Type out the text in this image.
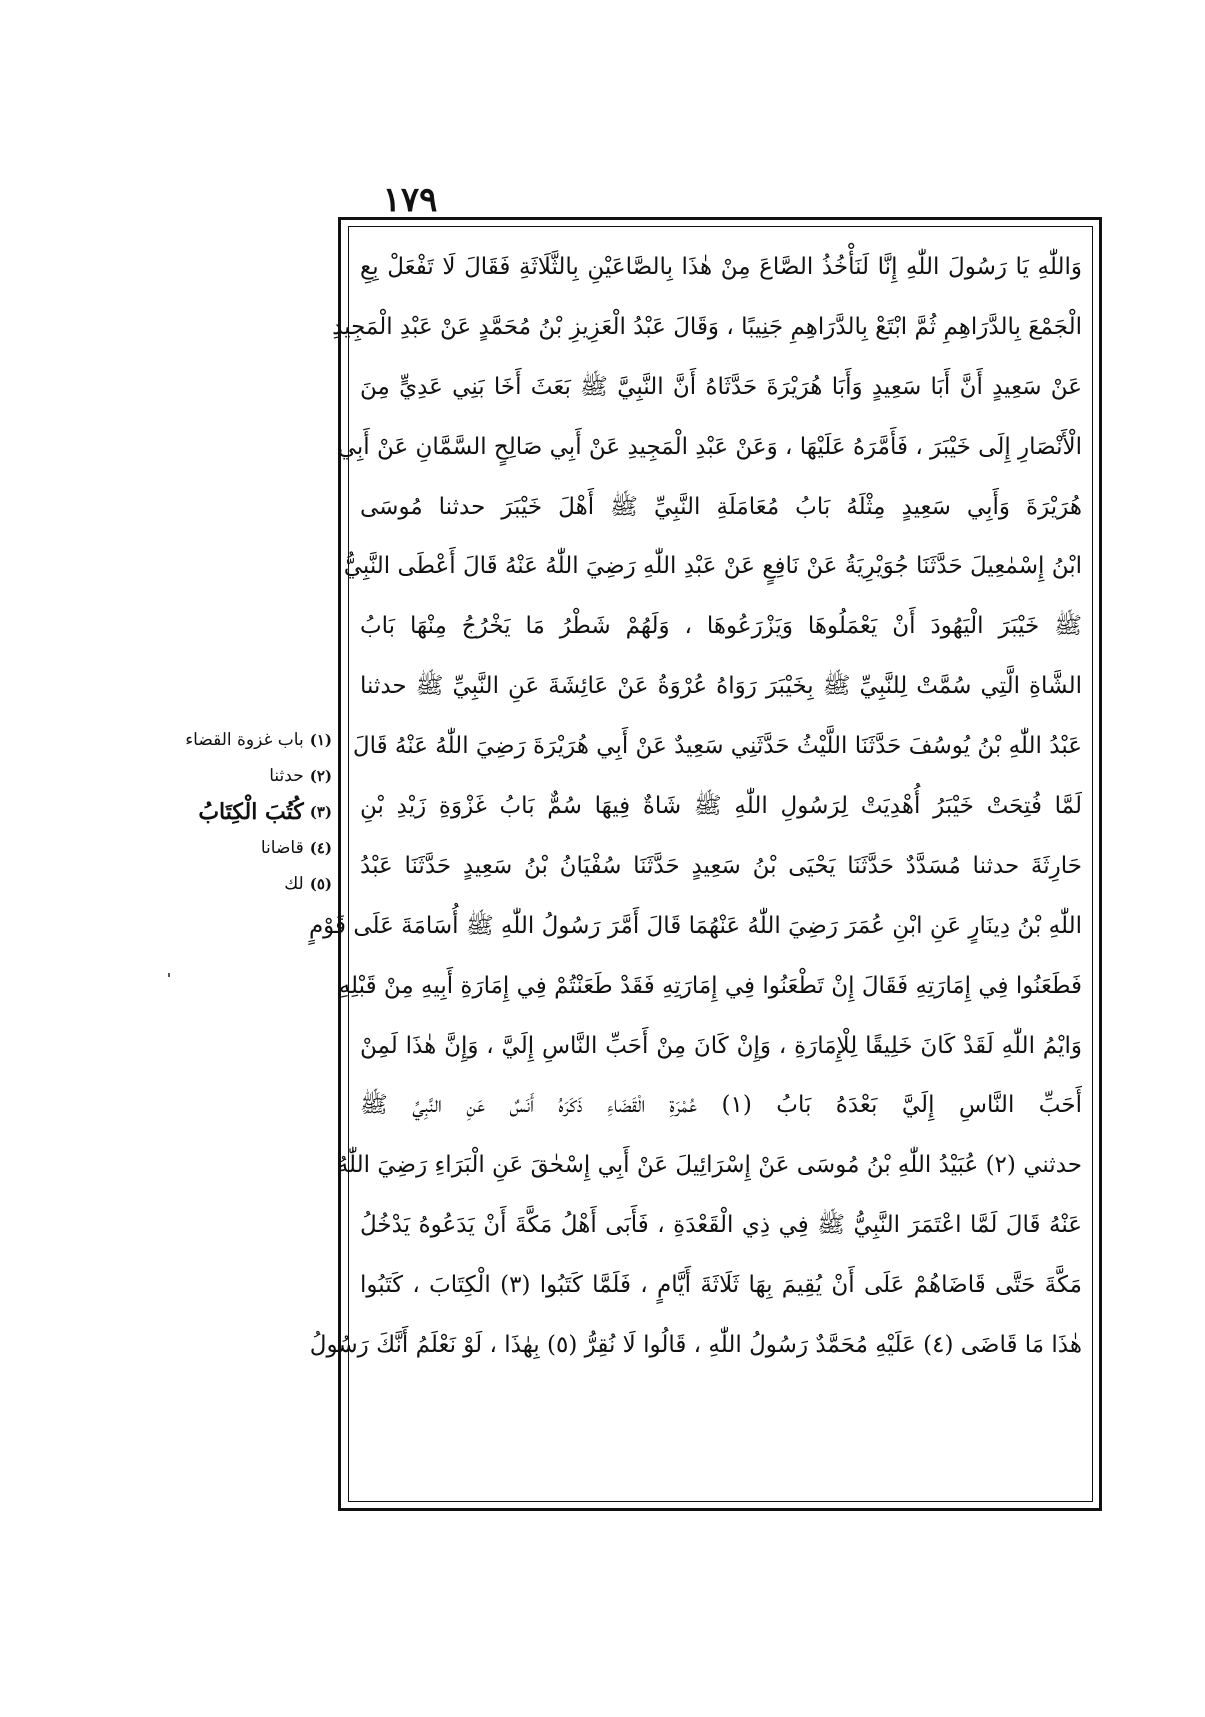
١٧٩
وَاللّٰهِ يَا رَسُولَ اللّٰهِ إِنَّا لَنَأْخُذُ الصَّاعَ مِنْ هٰذَا بِالصَّاعَيْنِ بِالثَّلَاثَةِ فَقَالَ لَا تَفْعَلْ بِعِ
الْجَمْعَ بِالدَّرَاهِمِ ثُمَّ ابْتَعْ بِالدَّرَاهِمِ جَنِيبًا ، وَقَالَ عَبْدُ الْعَزِيزِ بْنُ مُحَمَّدٍ عَنْ عَبْدِ الْمَجِيدِ
عَنْ سَعِيدٍ أَنَّ أَبَا سَعِيدٍ وَأَبَا هُرَيْرَةَ حَدَّثَاهُ أَنَّ النَّبِيَّ ﷺ بَعَثَ أَخَا بَنِي عَدِيٍّ مِنَ
الْأَنْصَارِ إِلَى خَيْبَرَ ، فَأَمَّرَهُ عَلَيْهَا ، وَعَنْ عَبْدِ الْمَجِيدِ عَنْ أَبِي صَالِحٍ السَّمَّانِ عَنْ أَبِي
هُرَيْرَةَ وَأَبِي سَعِيدٍ مِثْلَهُ بَابُ مُعَامَلَةِ النَّبِيِّ ﷺ أَهْلَ خَيْبَرَ حدثنا مُوسَى
ابْنُ إِسْمٰعِيلَ حَدَّثَنَا جُوَيْرِيَةُ عَنْ نَافِعٍ عَنْ عَبْدِ اللّٰهِ رَضِيَ اللّٰهُ عَنْهُ قَالَ أَعْطَى النَّبِيُّ
ﷺ خَيْبَرَ الْيَهُودَ أَنْ يَعْمَلُوهَا وَيَزْرَعُوهَا ، وَلَهُمْ شَطْرُ مَا يَخْرُجُ مِنْهَا بَابُ
الشَّاةِ الَّتِي سُمَّتْ لِلنَّبِيِّ ﷺ بِخَيْبَرَ رَوَاهُ عُرْوَةُ عَنْ عَائِشَةَ عَنِ النَّبِيِّ ﷺ حدثنا
عَبْدُ اللّٰهِ بْنُ يُوسُفَ حَدَّثَنَا اللَّيْثُ حَدَّثَنِي سَعِيدٌ عَنْ أَبِي هُرَيْرَةَ رَضِيَ اللّٰهُ عَنْهُ قَالَ
لَمَّا فُتِحَتْ خَيْبَرُ أُهْدِيَتْ لِرَسُولِ اللّٰهِ ﷺ شَاةٌ فِيهَا سُمٌّ بَابُ غَزْوَةِ زَيْدِ بْنِ
حَارِثَةَ حدثنا مُسَدَّدٌ حَدَّثَنَا يَحْيَى بْنُ سَعِيدٍ حَدَّثَنَا سُفْيَانُ بْنُ سَعِيدٍ حَدَّثَنَا عَبْدُ
اللّٰهِ بْنُ دِينَارٍ عَنِ ابْنِ عُمَرَ رَضِيَ اللّٰهُ عَنْهُمَا قَالَ أَمَّرَ رَسُولُ اللّٰهِ ﷺ أُسَامَةَ عَلَى قَوْمٍ
فَطَعَنُوا فِي إِمَارَتِهِ فَقَالَ إِنْ تَطْعَنُوا فِي إِمَارَتِهِ فَقَدْ طَعَنْتُمْ فِي إِمَارَةِ أَبِيهِ مِنْ قَبْلِهِ
وَايْمُ اللّٰهِ لَقَدْ كَانَ خَلِيقًا لِلْإِمَارَةِ ، وَإِنْ كَانَ مِنْ أَحَبِّ النَّاسِ إِلَيَّ ، وَإِنَّ هٰذَا لَمِنْ
أَحَبِّ النَّاسِ إِلَيَّ بَعْدَهُ بَابُ (١) عُمْرَةِ الْقَضَاءِ ذَكَرَهُ أَنَسٌ عَنِ النَّبِيِّ ﷺ
حدثني (٢) عُبَيْدُ اللّٰهِ بْنُ مُوسَى عَنْ إِسْرَائِيلَ عَنْ أَبِي إِسْحٰقَ عَنِ الْبَرَاءِ رَضِيَ اللّٰهُ
عَنْهُ قَالَ لَمَّا اعْتَمَرَ النَّبِيُّ ﷺ فِي ذِي الْقَعْدَةِ ، فَأَبَى أَهْلُ مَكَّةَ أَنْ يَدَعُوهُ يَدْخُلُ
مَكَّةَ حَتَّى قَاضَاهُمْ عَلَى أَنْ يُقِيمَ بِهَا ثَلَاثَةَ أَيَّامٍ ، فَلَمَّا كَتَبُوا (٣) الْكِتَابَ ، كَتَبُوا
هٰذَا مَا قَاضَى (٤) عَلَيْهِ مُحَمَّدٌ رَسُولُ اللّٰهِ ، قَالُوا لَا نُقِرُّ (٥) بِهٰذَا ، لَوْ نَعْلَمُ أَنَّكَ رَسُولُ
(١)
باب غزوة القضاء
(٢)
حدثنا
(٣)
كُتُبَ الْكِتَابُ
(٤)
قاضانا
(٥)
لك
